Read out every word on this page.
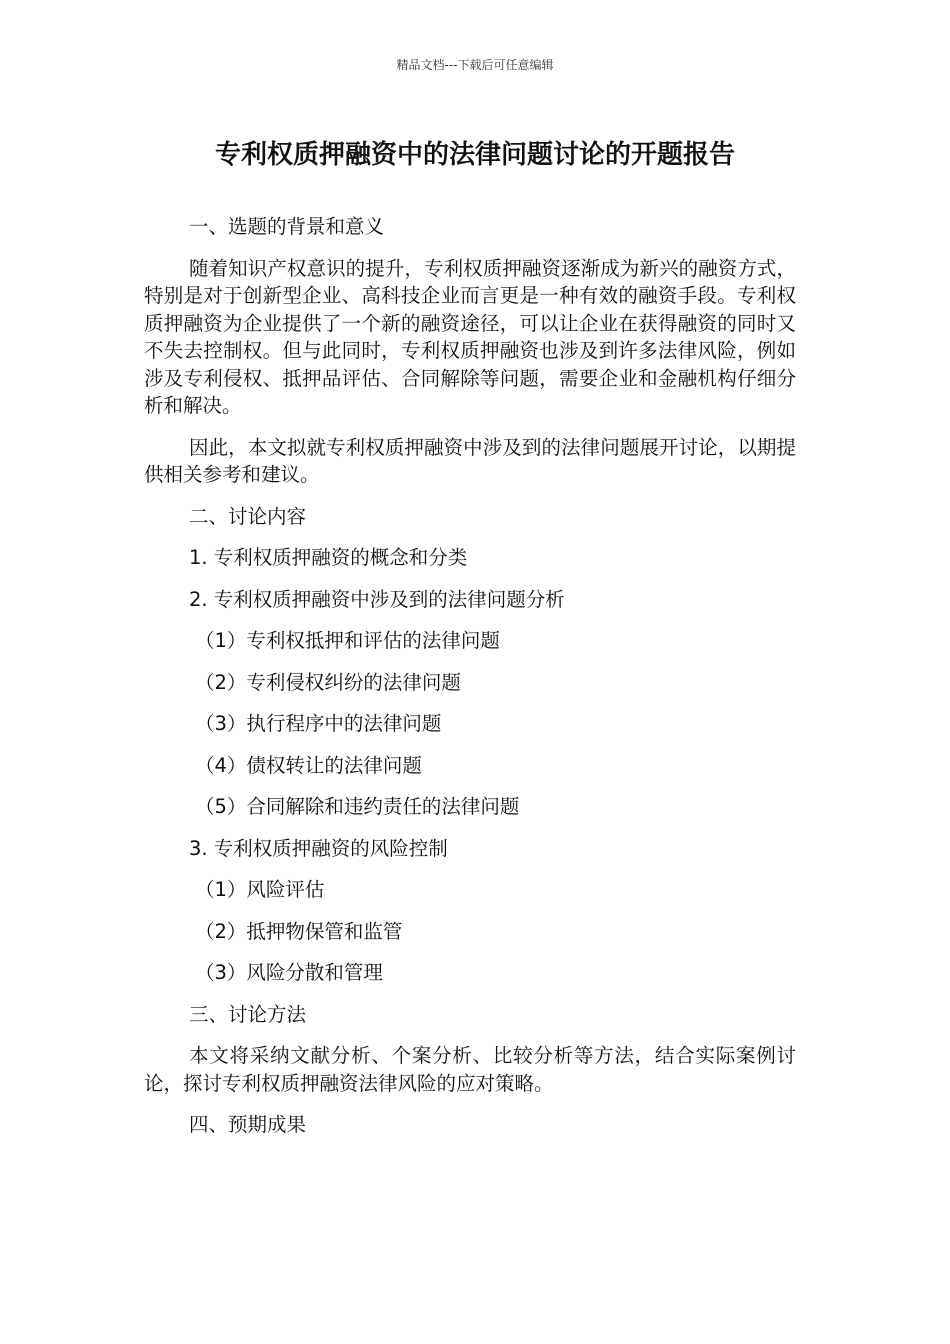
精品文档---下载后可任意编辑
专利权质押融资中的法律问题讨论的开题报告

一、选题的背景和意义

随着知识产权意识的提升，专利权质押融资逐渐成为新兴的融资方式，特别是对于创新型企业、高科技企业而言更是一种有效的融资手段。专利权质押融资为企业提供了一个新的融资途径，可以让企业在获得融资的同时又不失去控制权。但与此同时，专利权质押融资也涉及到许多法律风险，例如涉及专利侵权、抵押品评估、合同解除等问题，需要企业和金融机构仔细分析和解决。

因此，本文拟就专利权质押融资中涉及到的法律问题展开讨论，以期提供相关参考和建议。

二、讨论内容

1. 专利权质押融资的概念和分类

2. 专利权质押融资中涉及到的法律问题分析

（1）专利权抵押和评估的法律问题

（2）专利侵权纠纷的法律问题

（3）执行程序中的法律问题

（4）债权转让的法律问题

（5）合同解除和违约责任的法律问题

3. 专利权质押融资的风险控制

（1）风险评估

（2）抵押物保管和监管

（3）风险分散和管理

三、讨论方法

本文将采纳文献分析、个案分析、比较分析等方法，结合实际案例讨论，探讨专利权质押融资法律风险的应对策略。

四、预期成果
